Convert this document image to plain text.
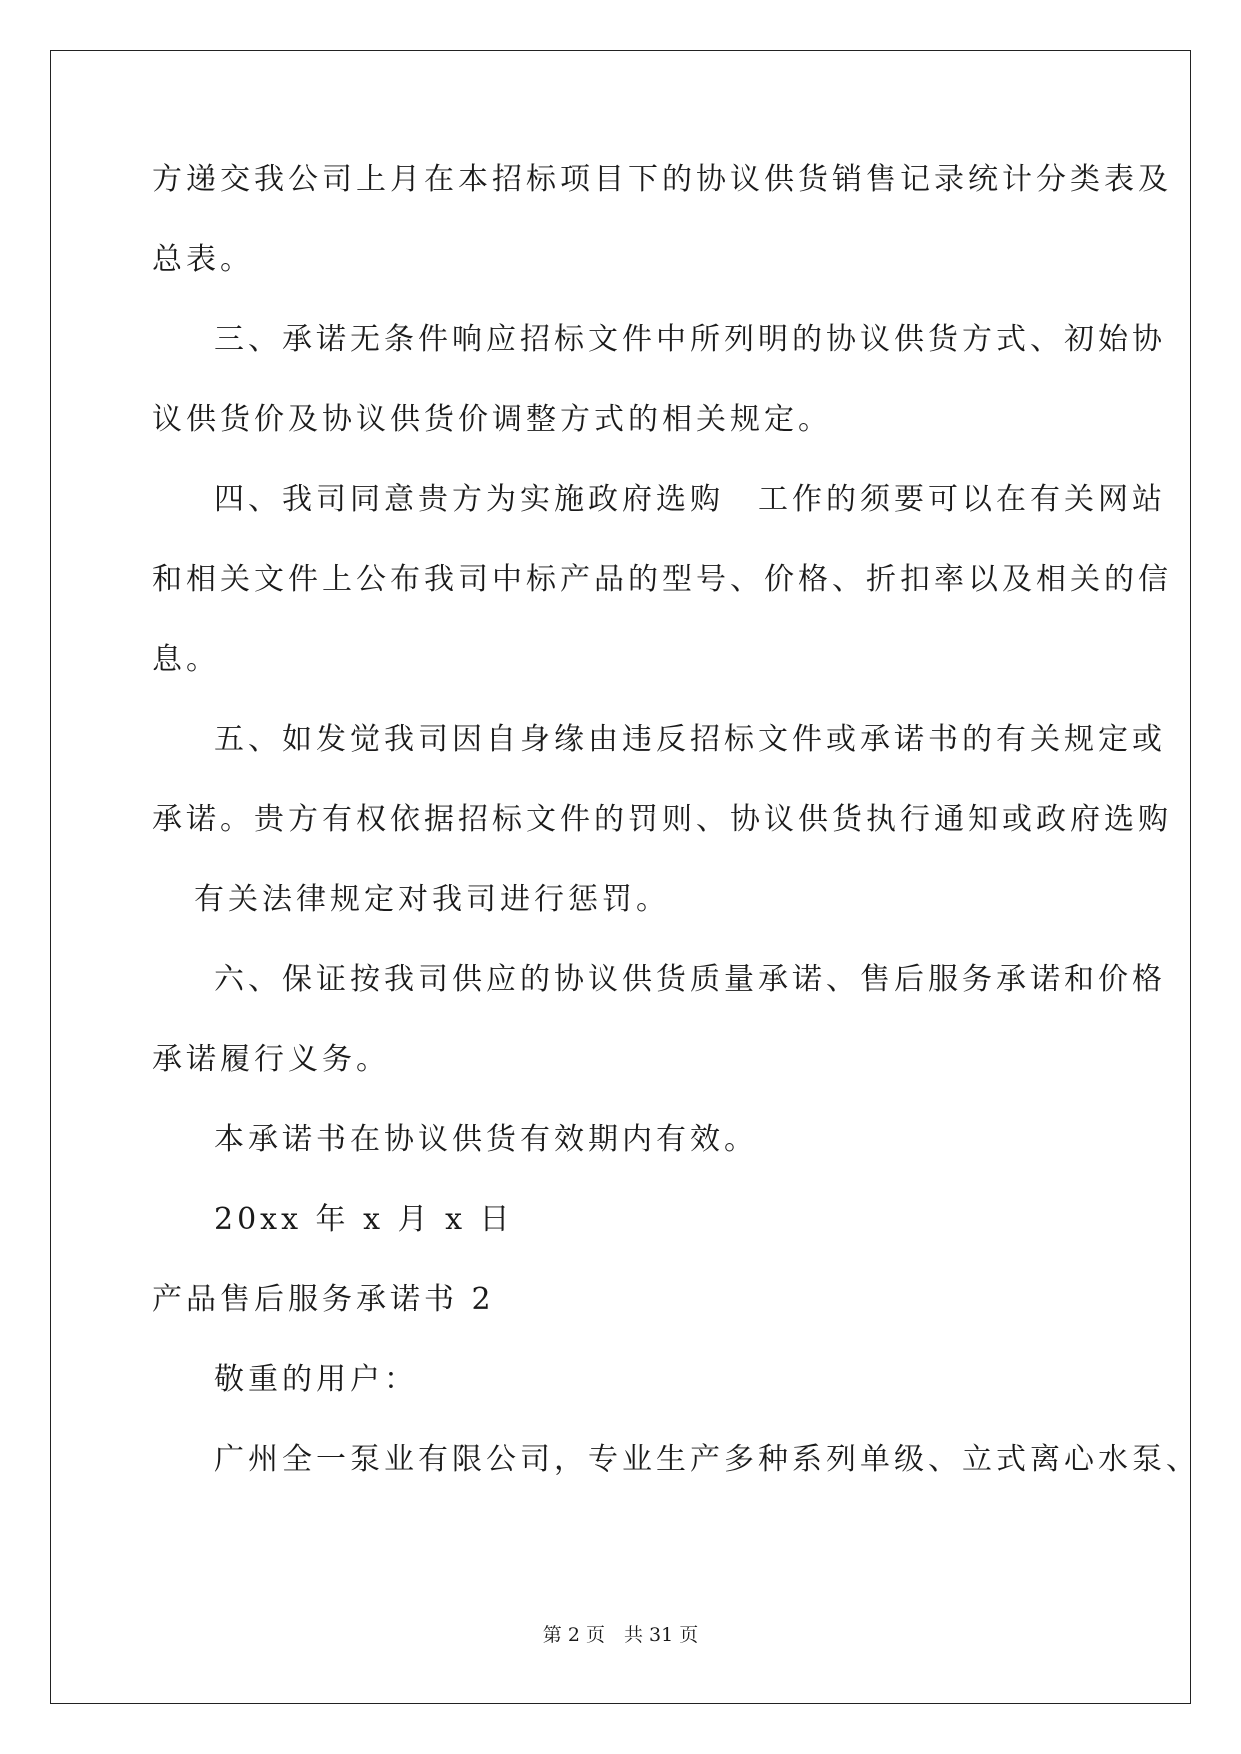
方递交我公司上月在本招标项目下的协议供货销售记录统计分类表及
总表。
三、承诺无条件响应招标文件中所列明的协议供货方式、初始协
议供货价及协议供货价调整方式的相关规定。
四、我司同意贵方为实施政府选购　工作的须要可以在有关网站
和相关文件上公布我司中标产品的型号、价格、折扣率以及相关的信
息。
五、如发觉我司因自身缘由违反招标文件或承诺书的有关规定或
承诺。贵方有权依据招标文件的罚则、协议供货执行通知或政府选购
有关法律规定对我司进行惩罚。
六、保证按我司供应的协议供货质量承诺、售后服务承诺和价格
承诺履行义务。
本承诺书在协议供货有效期内有效。
20xx 年 x 月 x 日
产品售后服务承诺书 2
敬重的用户：
广州全一泵业有限公司，专业生产多种系列单级、立式离心水泵、
第 2 页　共 31 页
